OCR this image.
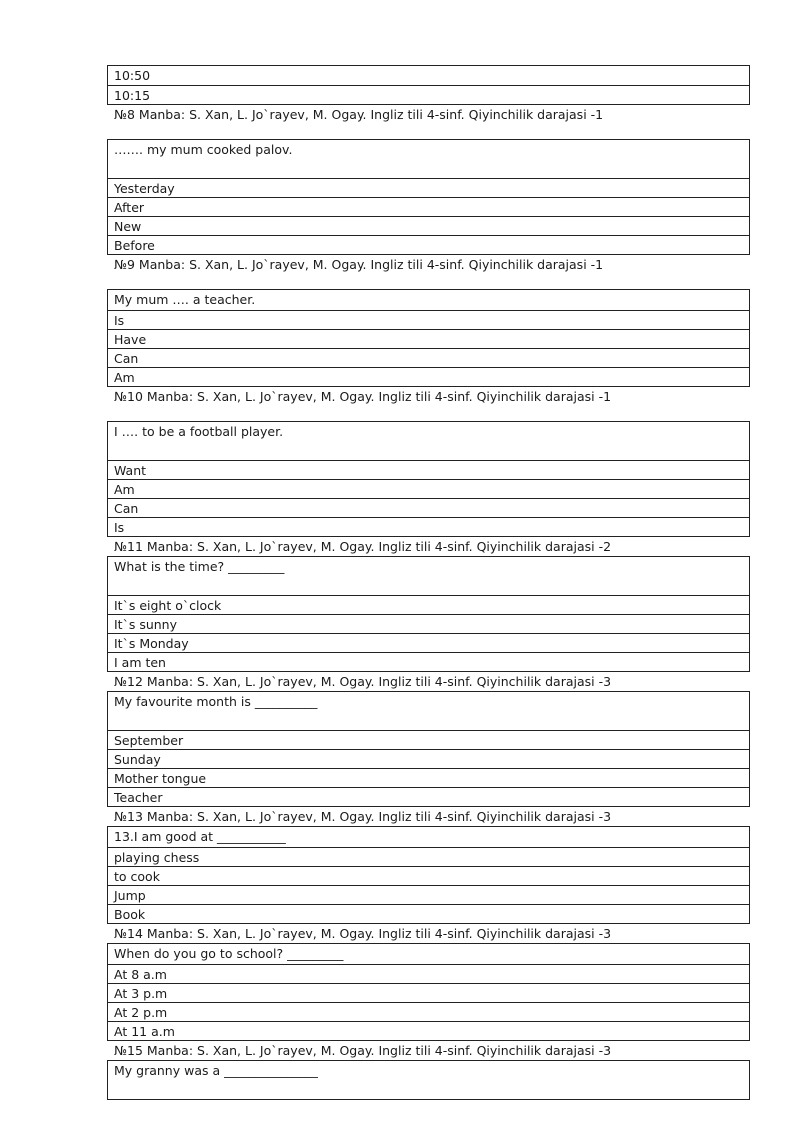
10:50
10:15
№8 Manba: S. Xan, L. Jo`rayev, M. Ogay. Ingliz tili 4-sinf. Qiyinchilik darajasi -1
……. my mum cooked palov.
Yesterday
After
New
Before
№9 Manba: S. Xan, L. Jo`rayev, M. Ogay. Ingliz tili 4-sinf. Qiyinchilik darajasi -1
My mum …. a teacher.
Is
Have
Can
Am
№10 Manba: S. Xan, L. Jo`rayev, M. Ogay. Ingliz tili 4-sinf. Qiyinchilik darajasi -1
I …. to be a football player.
Want
Am
Can
Is
№11 Manba: S. Xan, L. Jo`rayev, M. Ogay. Ingliz tili 4-sinf. Qiyinchilik darajasi -2
What is the time? _________
It`s eight o`clock
It`s sunny
It`s Monday
I am ten
№12 Manba: S. Xan, L. Jo`rayev, M. Ogay. Ingliz tili 4-sinf. Qiyinchilik darajasi -3
My favourite month is __________
September
Sunday
Mother tongue
Teacher
№13 Manba: S. Xan, L. Jo`rayev, M. Ogay. Ingliz tili 4-sinf. Qiyinchilik darajasi -3
13.I am good at ___________
playing chess
to cook
Jump
Book
№14 Manba: S. Xan, L. Jo`rayev, M. Ogay. Ingliz tili 4-sinf. Qiyinchilik darajasi -3
When do you go to school? _________
At 8 a.m
At 3 p.m
At 2 p.m
At 11 a.m
№15 Manba: S. Xan, L. Jo`rayev, M. Ogay. Ingliz tili 4-sinf. Qiyinchilik darajasi -3
My granny was a _______________
